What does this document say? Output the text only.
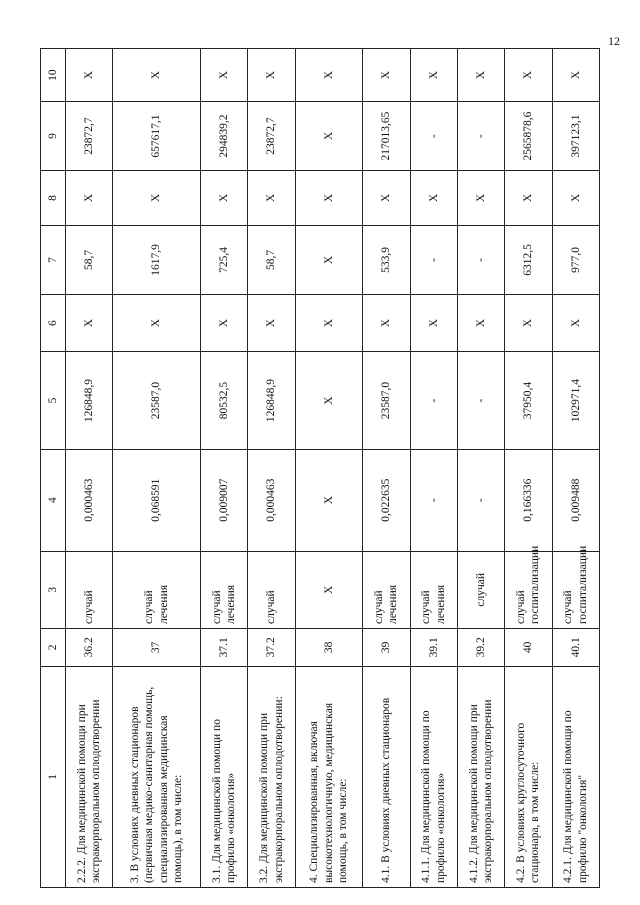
12
1	2	3	4	5	6	7	8	9	10
2.2.2. Для медицинской помощи при экстракорпоральном оплодотворении	36.2	случай	0,000463	126848,9	Х	58,7	Х	23872,7	Х
3. В условиях дневных стационаров (первичная медико-санитарная помощь, специализированная медицинская помощь), в том числе:	37	случай лечения	0,068591	23587,0	Х	1617,9	Х	657617,1	Х
3.1. Для медицинской помощи по профилю «онкология»	37.1	случай лечения	0,009007	80532,5	Х	725,4	Х	294839,2	Х
3.2. Для медицинской помощи при экстракорпоральном оплодотворении:	37.2	случай	0,000463	126848,9	Х	58,7	Х	23872,7	Х
4. Специализированная, включая высокотехнологичную, медицинская помощь, в том числе:	38	Х	Х	Х	Х	Х	Х	Х	Х
4.1. В условиях дневных стационаров	39	случай лечения	0,022635	23587,0	Х	533,9	Х	217013,65	Х
4.1.1. Для медицинской помощи по профилю «онкология»	39.1	случай лечения	-	-	Х	-	Х	-	Х
4.1.2. Для медицинской помощи при экстракорпоральном оплодотворении	39.2	случай	-	-	Х	-	Х	-	Х
4.2. В условиях круглосуточного стационара, в том числе:	40	случай госпитализации	0,166336	37950,4	Х	6312,5	Х	2565878,6	Х
4.2.1. Для медицинской помощи по профилю "онкология"	40.1	случай госпитализации	0,009488	102971,4	Х	977,0	Х	397123,1	Х
